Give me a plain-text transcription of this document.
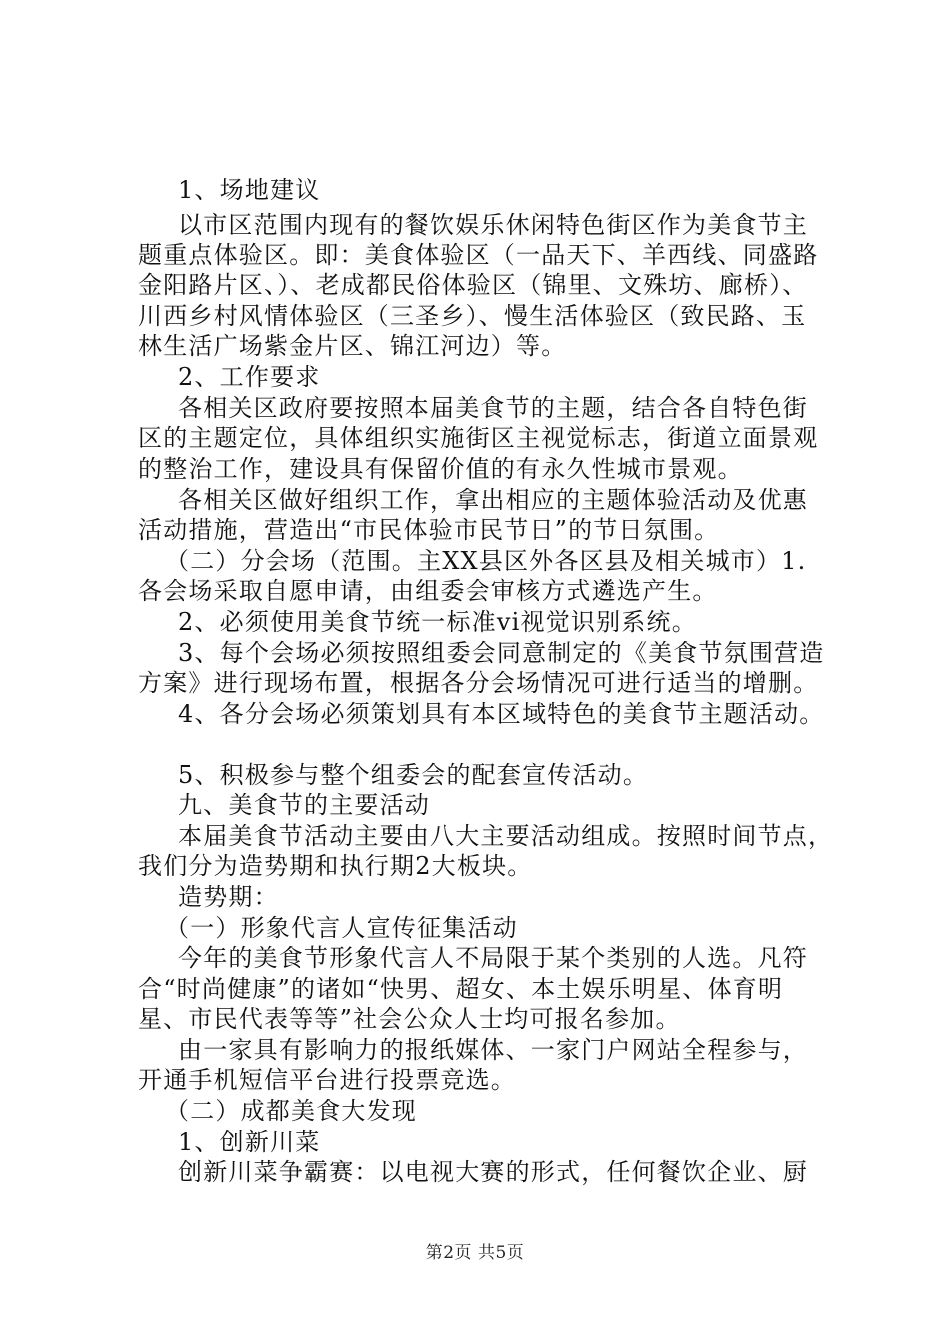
1、场地建议
以市区范围内现有的餐饮娱乐休闲特色街区作为美食节主
题重点体验区。即：美食体验区（一品天下、羊西线、同盛路
金阳路片区、）、老成都民俗体验区（锦里、文殊坊、廊桥）、
川西乡村风情体验区（三圣乡）、慢生活体验区（致民路、玉
林生活广场紫金片区、锦江河边）等。
2、工作要求
各相关区政府要按照本届美食节的主题，结合各自特色街
区的主题定位，具体组织实施街区主视觉标志，街道立面景观
的整治工作，建设具有保留价值的有永久性城市景观。
各相关区做好组织工作，拿出相应的主题体验活动及优惠
活动措施，营造出“市民体验市民节日”的节日氛围。
（二）分会场（范围。主XX县区外各区县及相关城市）1.
各会场采取自愿申请，由组委会审核方式遴选产生。
2、必须使用美食节统一标准vi视觉识别系统。
3、每个会场必须按照组委会同意制定的《美食节氛围营造
方案》进行现场布置，根据各分会场情况可进行适当的增删。
4、各分会场必须策划具有本区域特色的美食节主题活动。
5、积极参与整个组委会的配套宣传活动。
九、美食节的主要活动
本届美食节活动主要由八大主要活动组成。按照时间节点，
我们分为造势期和执行期2大板块。
造势期：
（一）形象代言人宣传征集活动
今年的美食节形象代言人不局限于某个类别的人选。凡符
合“时尚健康”的诸如“快男、超女、本土娱乐明星、体育明
星、市民代表等等”社会公众人士均可报名参加。
由一家具有影响力的报纸媒体、一家门户网站全程参与，
开通手机短信平台进行投票竞选。
（二）成都美食大发现
1、创新川菜
创新川菜争霸赛：以电视大赛的形式，任何餐饮企业、厨
第2页 共5页
